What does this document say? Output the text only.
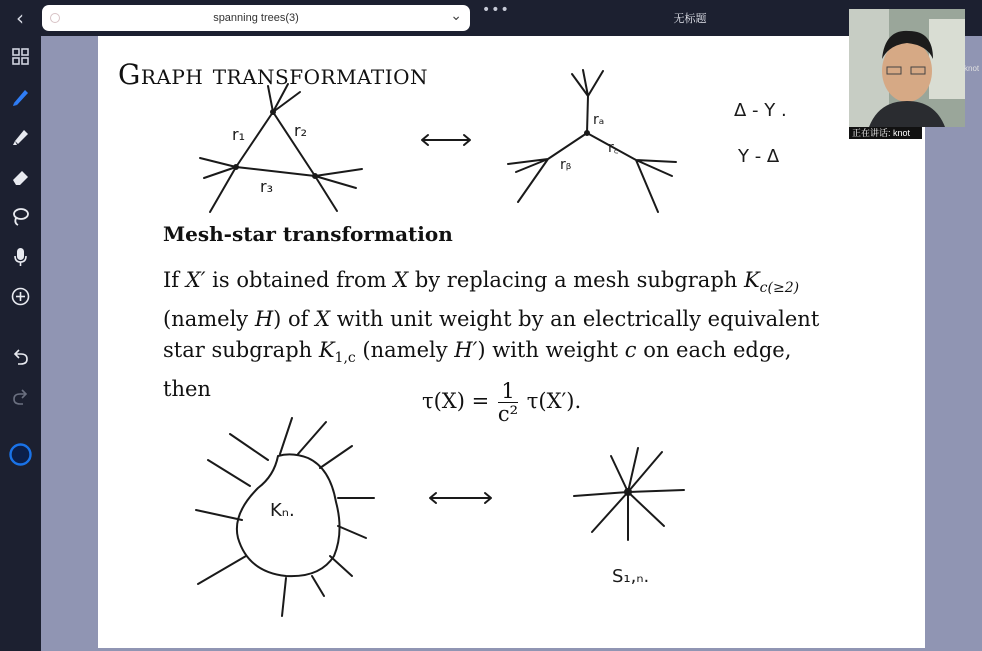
‹	spanning trees(3)	⌄ •••
无标题
GRAPH TRANSFORMATION
Mesh-star transformation
If X′ is obtained from X by replacing a mesh subgraph $K_{c(\ge 2)}$
(namely H) of X with unit weight by an electrically equivalent
star subgraph $K_{1,c}$ (namely H′) with weight c on each edge,
then	$\tau(X) = \frac{1}{\text{c²}} \tau(X')$.
r₁	r₂
r₃
rₐ
rᵦ
r꜀
Δ - Y .
Y - Δ
Kₙ.
S₁,ₙ.
正在讲话: knot
knot
